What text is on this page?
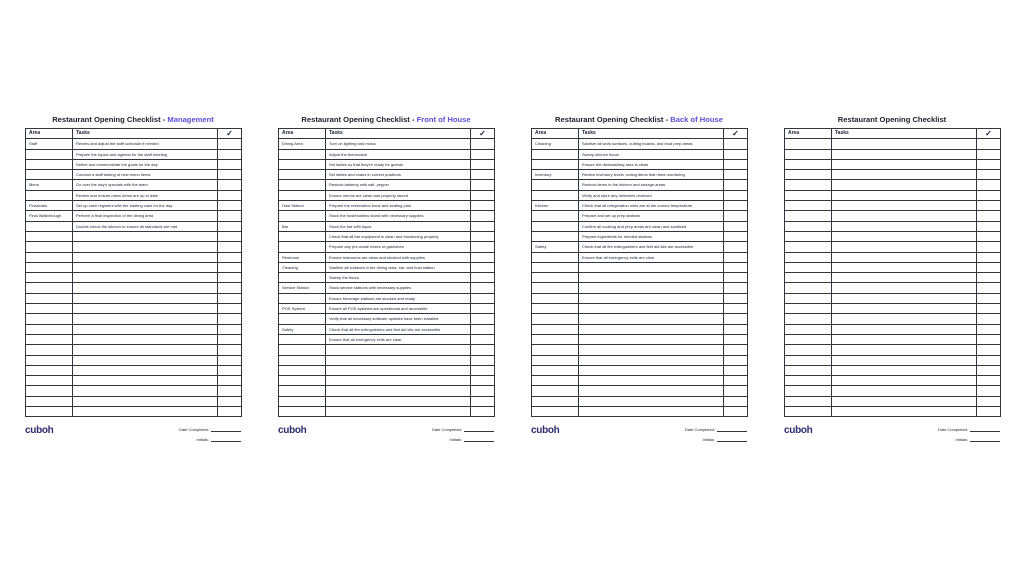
Restaurant Opening Checklist - Management
Area	Tasks	✓
Staff	Review and adjust the staff schedule if needed	
	Prepare the topics and agenda for the staff meeting	
	Define and communicate the goals for the day	
	Conduct a staff tasting of new menu items	
Menu	Go over the day's specials with the team	
	Review and ensure menu items are up to date	
Financials	Set up cash registers with the starting cash for the day	
Final Walkthrough	Perform a final inspection of the dining area	
	Double-check the kitchen to ensure all standards are met	

cuboh	Date Completed:
Initials:
Restaurant Opening Checklist - Front of House
Area	Tasks	✓
Dining Area	Turn on lighting and music	
	Adjust the thermostat	
	Set tables so that they're ready for guests	
	Set tables and chairs in correct positions	
	Restock tabletop with salt, pepper	
	Ensure menus are clean and properly stored	
Host Station	Prepare the reservation book and seating plan	
	Stock the host/hostess stand with necessary supplies	
Bar	Stock the bar with liquor	
	Check that all bar equipment is clean and functioning properly	
	Prepare any pre-made mixes or garnishes	
Restroom	Ensure restrooms are clean and stocked with supplies	
Cleaning	Sanitize all surfaces in the dining area, bar, and host station	
	Sweep the floors	
Service Station	Stock service stations with necessary supplies	
	Ensure beverage stations are stocked and ready	
POS System	Ensure all POS systems are operational and accessible	
	Verify that all necessary software updates have been installed	
Safety	Check that all fire extinguishers and first aid kits are accessible	
	Ensure that all emergency exits are clear	

cuboh	Date Completed:
Initials:
Restaurant Opening Checklist - Back of House
Area	Tasks	✓
Cleaning	Sanitize all work surfaces, cutting boards, and food prep areas	
	Sweep kitchen floors	
	Ensure the dishwashing area is clean	
Inventory	Review inventory levels, noting items that need reordering	
	Restock items in the kitchen and storage areas	
	Verify and store any deliveries received	
Kitchen	Check that all refrigeration units are at the correct temperature	
	Prepare and set up prep stations	
	Confirm all cooking and prep areas are clean and sanitized	
	Prepare ingredients for needed stations	
Safety	Check that all fire extinguishers and first aid kits are accessible	
	Ensure that all emergency exits are clear	

cuboh	Date Completed:
Initials:
Restaurant Opening Checklist
Area	Tasks	✓

cuboh	Date Completed:
Initials:
